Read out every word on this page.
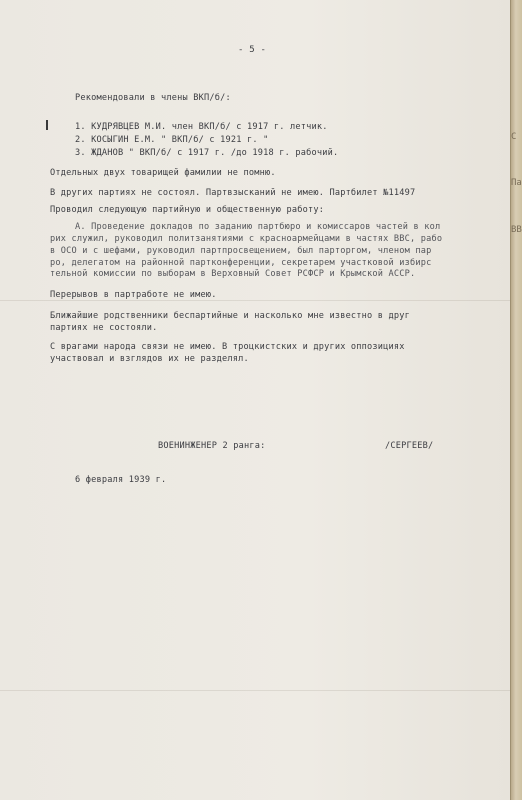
- 5 -
Рекомендовали в члены ВКП/б/:
1. КУДРЯВЦЕВ М.И. член ВКП/б/ с 1917 г. летчик.
2. КОСЫГИН Е.М. " ВКП/б/ с 1921 г. "
3. ЖДАНОВ " ВКП/б/ с 1917 г. /до 1918 г. рабочий.
Отдельных двух товарищей фамилии не помню.
В других партиях не состоял. Партвзысканий не имею. Партбилет №11497
Проводил следующую партийную и общественную работу:
А. Проведение докладов по заданию партбюро и комиссаров частей в кол
рих служил, руководил политзанятиями с красноармейцами в частях ВВС, рабо
в ОСО и с шефами, руководил партпросвещением, был парторгом, членом пар
ро, делегатом на районной партконференции, секретарем участковой избирс
тельной комиссии по выборам в Верховный Совет РСФСР и Крымской АССР.
Перерывов в партработе не имею.
Ближайшие родственники беспартийные и насколько мне известно в друг
партиях не состояли.
С врагами народа связи не имею. В троцкистских и других оппозициях
участвовал и взглядов их не разделял.
ВОЕНИНЖЕНЕР 2 ранга:	/СЕРГЕЕВ/
6 февраля 1939 г.
С
Па
ВВ
